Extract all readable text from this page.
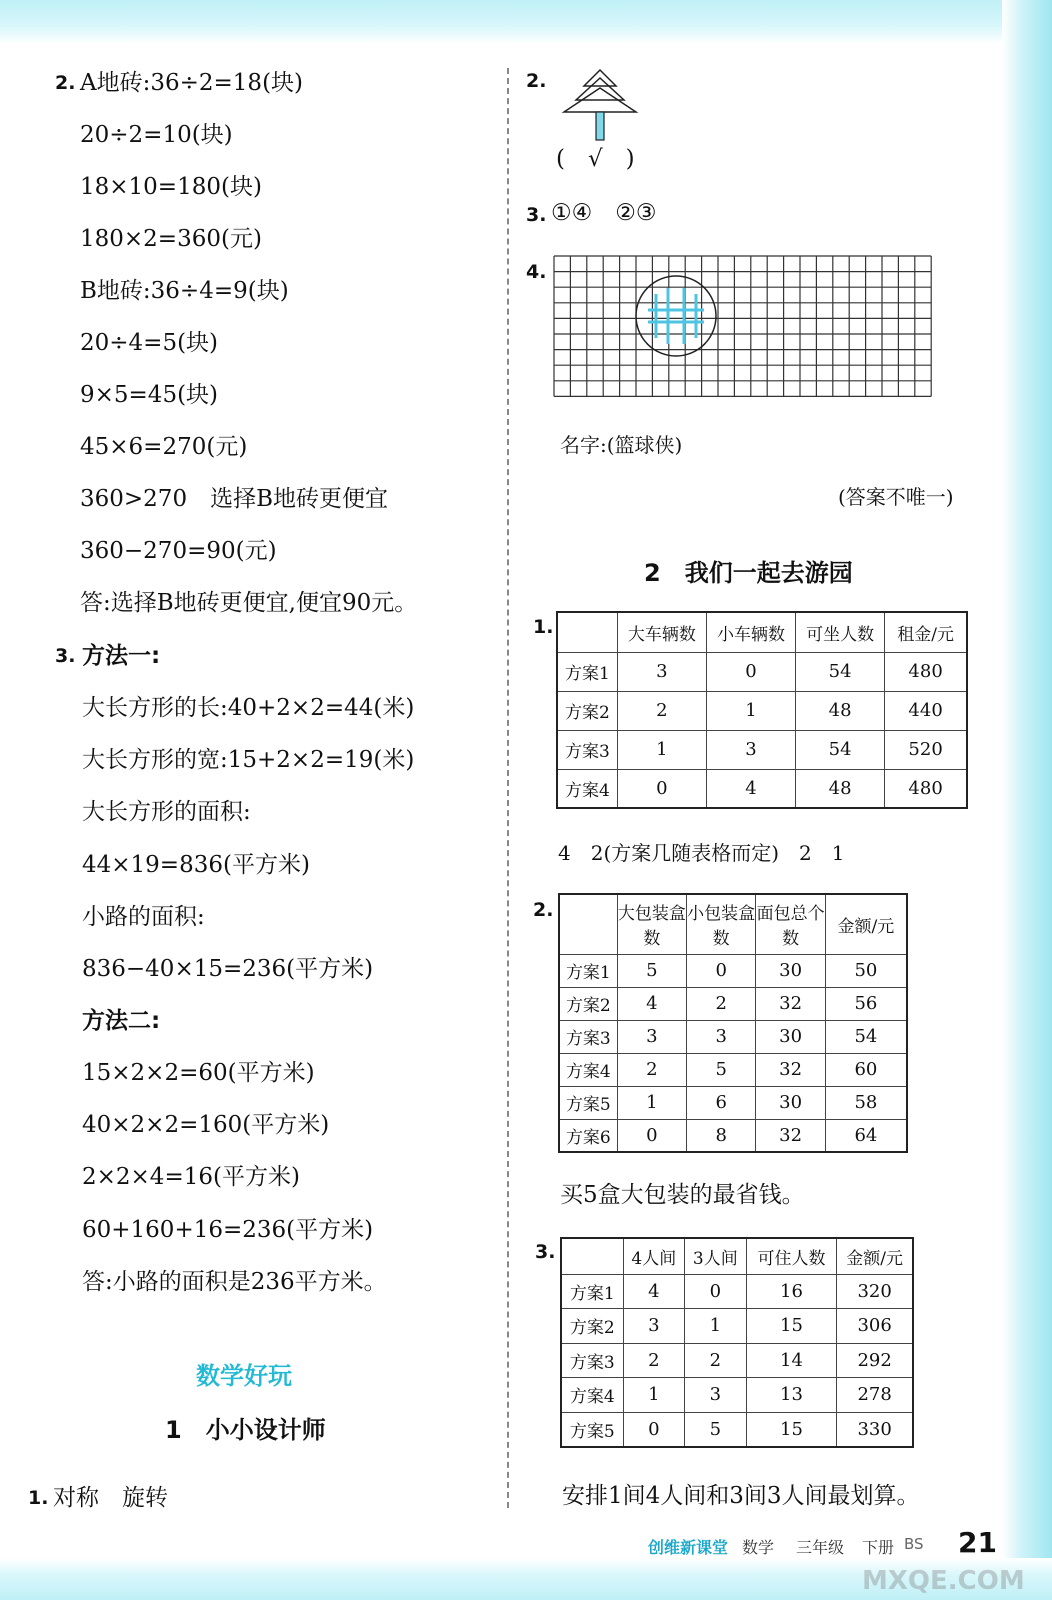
2. A地砖:36÷2=18(块)
20÷2=10(块)
18×10=180(块)
180×2=360(元)
B地砖:36÷4=9(块)
20÷4=5(块)
9×5=45(块)
45×6=270(元)
360>270　选择B地砖更便宜
360−270=90(元)
答:选择B地砖更便宜,便宜90元。
3. 方法一:
大长方形的长:40+2×2=44(米)
大长方形的宽:15+2×2=19(米)
大长方形的面积:
44×19=836(平方米)
小路的面积:
836−40×15=236(平方米)
方法二:
15×2×2=60(平方米)
40×2×2=160(平方米)
2×2×4=16(平方米)
60+160+16=236(平方米)
答:小路的面积是236平方米。
数学好玩
1　小小设计师
1. 对称　旋转
2.
(　√　)
3. ①④　②③
4.
名字:(篮球侠)
(答案不唯一)
2　我们一起去游园
1.
		大车辆数	小车辆数	可坐人数	租金/元
方案1	3	0	54	480
方案2	2	1	48	440
方案3	1	3	54	520
方案4	0	4	48	480
4　2(方案几随表格而定)　2　1
2.
		大包装盒数	小包装盒数	面包总个数	金额/元
方案1	5	0	30	50
方案2	4	2	32	56
方案3	3	3	30	54
方案4	2	5	32	60
方案5	1	6	30	58
方案6	0	8	32	64
买5盒大包装的最省钱。
3.
		4人间	3人间	可住人数	金额/元
方案1	4	0	16	320
方案2	3	1	15	306
方案3	2	2	14	292
方案4	1	3	13	278
方案5	0	5	15	330
安排1间4人间和3间3人间最划算。
创维新课堂 数学 三年级 下册 BS 21
MXQE.COM
